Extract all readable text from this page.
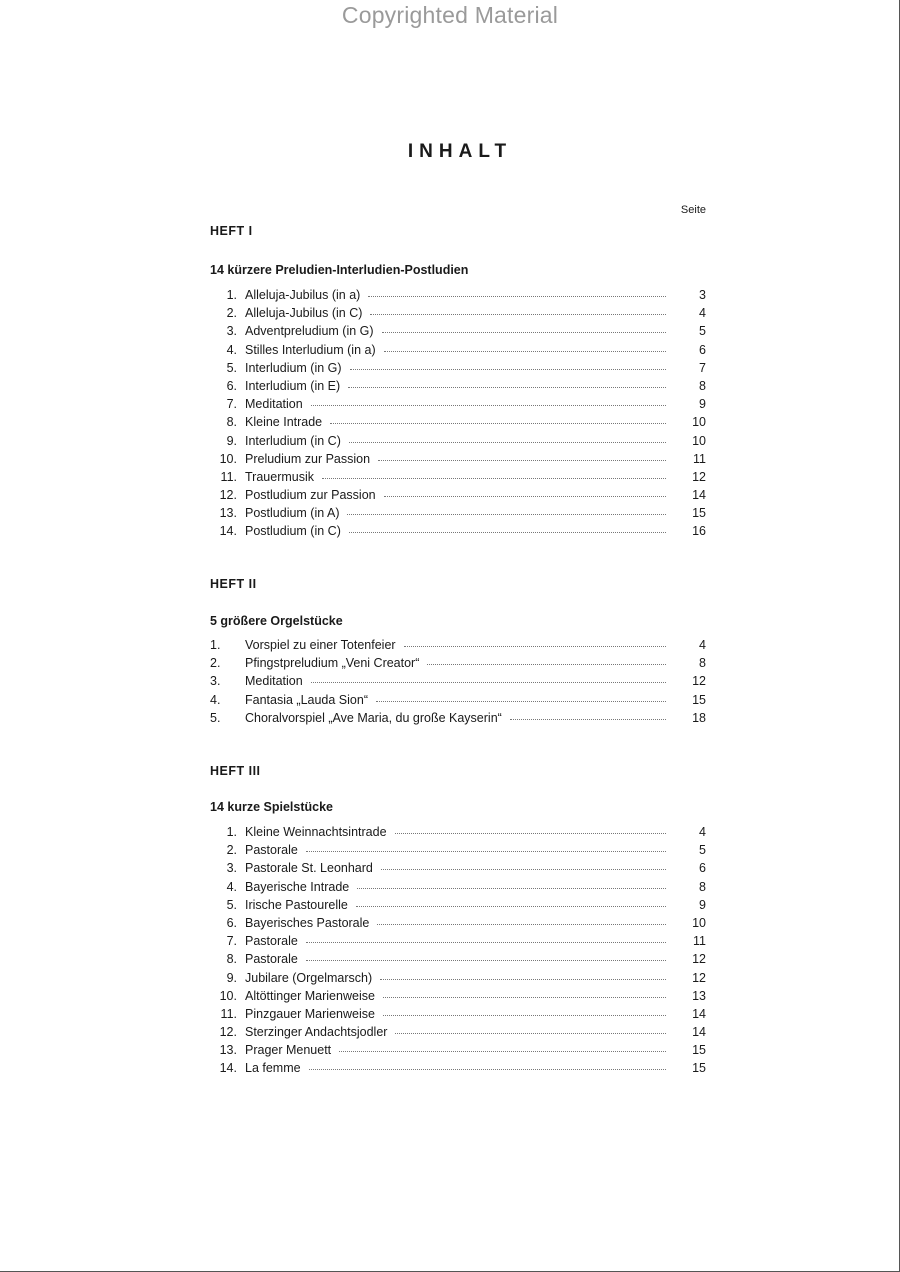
Copyrighted Material
INHALT
Seite
HEFT I
14 kürzere Preludien-Interludien-Postludien
1. Alleluja-Jubilus (in a)	3
2. Alleluja-Jubilus (in C)	4
3. Adventpreludium (in G)	5
4. Stilles Interludium (in a)	6
5. Interludium (in G)	7
6. Interludium (in E)	8
7. Meditation	9
8. Kleine Intrade	10
9. Interludium (in C)	10
10. Preludium zur Passion	11
11. Trauermusik	12
12. Postludium zur Passion	14
13. Postludium (in A)	15
14. Postludium (in C)	16
HEFT II
5 größere Orgelstücke
1.	Vorspiel zu einer Totenfeier	4
2.	Pfingstpreludium „Veni Creator“	8
3.	Meditation	12
4.	Fantasia „Lauda Sion“	15
5.	Choralvorspiel „Ave Maria, du große Kayserin“	18
HEFT III
14 kurze Spielstücke
1. Kleine Weinnachtsintrade	4
2. Pastorale	5
3. Pastorale St. Leonhard	6
4. Bayerische Intrade	8
5. Irische Pastourelle	9
6. Bayerisches Pastorale	10
7. Pastorale	11
8. Pastorale	12
9. Jubilare (Orgelmarsch)	12
10. Altöttinger Marienweise	13
11. Pinzgauer Marienweise	14
12. Sterzinger Andachtsjodler	14
13. Prager Menuett	15
14. La femme	15
